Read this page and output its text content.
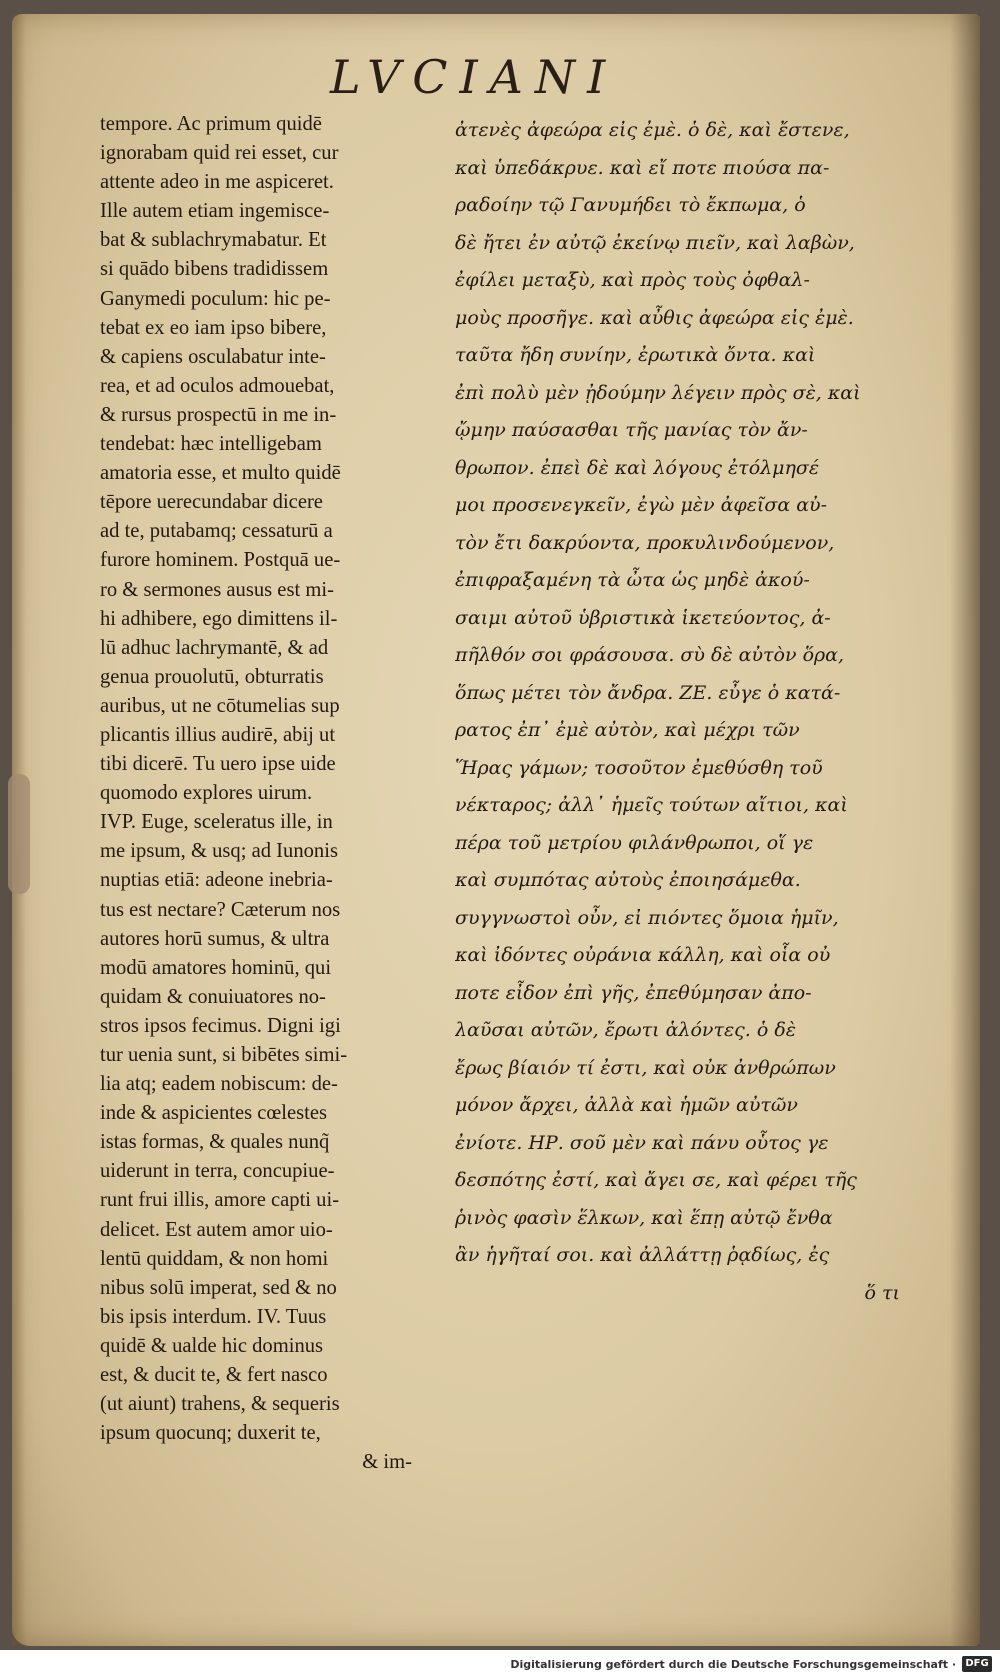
LVCIANI
tempore. Ac primum quidē
ignorabam quid rei esset, cur
attente adeo in me aspiceret.
Ille autem etiam ingemisce-
bat & sublachrymabatur. Et
si quādo bibens tradidissem
Ganymedi poculum: hic pe-
tebat ex eo iam ipso bibere,
& capiens osculabatur inte-
rea, et ad oculos admouebat,
& rursus prospectū in me in-
tendebat: hæc intelligebam
amatoria esse, et multo quidē
tēpore uerecundabar dicere
ad te, putabamq; cessaturū a
furore hominem. Postquā ue-
ro & sermones ausus est mi-
hi adhibere, ego dimittens il-
lū adhuc lachrymantē, & ad
genua prouolutū, obturratis
auribus, ut ne cōtumelias sup
plicantis illius audirē, abij ut
tibi dicerē. Tu uero ipse uide
quomodo explores uirum.
IVP. Euge, sceleratus ille, in
me ipsum, & usq; ad Iunonis
nuptias etiā: adeone inebria-
tus est nectare? Cæterum nos
autores horū sumus, & ultra
modū amatores hominū, qui
quidam & conuiuatores no-
stros ipsos fecimus. Digni igi
tur uenia sunt, si bibētes simi-
lia atq; eadem nobiscum: de-
inde & aspicientes cœlestes
istas formas, & quales nunq̃
uiderunt in terra, concupiue-
runt frui illis, amore capti ui-
delicet. Est autem amor uio-
lentū quiddam, & non homi
nibus solū imperat, sed & no
bis ipsis interdum. IV. Tuus
quidē & ualde hic dominus
est, & ducit te, & fert nasco
(ut aiunt) trahens, & sequeris
ipsum quocunq; duxerit te,
& im-
ἀτενὲς ἀφεώρα εἰς ἐμὲ. ὁ δὲ, καὶ ἔστενε,
καὶ ὑπεδάκρυε. καὶ εἴ ποτε πιούσα πα-
ραδοίην τῷ Γανυμήδει τὸ ἔκπωμα, ὁ
δὲ ἤτει ἐν αὐτῷ ἐκείνῳ πιεῖν, καὶ λαβὼν,
ἐφίλει μεταξὺ, καὶ πρὸς τοὺς ὀφθαλ-
μοὺς προσῆγε. καὶ αὖθις ἀφεώρα εἰς ἐμὲ.
ταῦτα ἤδη συνίην, ἐρωτικὰ ὄντα. καὶ
ἐπὶ πολὺ μὲν ᾐδούμην λέγειν πρὸς σὲ, καὶ
ᾤμην παύσασθαι τῆς μανίας τὸν ἄν-
θρωπον. ἐπεὶ δὲ καὶ λόγους ἐτόλμησέ
μοι προσενεγκεῖν, ἐγὼ μὲν ἀφεῖσα αὐ-
τὸν ἔτι δακρύοντα, προκυλινδούμενον,
ἐπιφραξαμένη τὰ ὦτα ὡς μηδὲ ἀκού-
σαιμι αὐτοῦ ὑβριστικὰ ἱκετεύοντος, ἀ-
πῆλθόν σοι φράσουσα. σὺ δὲ αὐτὸν ὅρα,
ὅπως μέτει τὸν ἄνδρα. ΖΕ. εὖγε ὁ κατά-
ρατος ἐπ᾽ ἐμὲ αὐτὸν, καὶ μέχρι τῶν
Ἥρας γάμων; τοσοῦτον ἐμεθύσθη τοῦ
νέκταρος; ἀλλ᾽ ἡμεῖς τούτων αἴτιοι, καὶ
πέρα τοῦ μετρίου φιλάνθρωποι, οἵ γε
καὶ συμπότας αὐτοὺς ἐποιησάμεθα.
συγγνωστοὶ οὖν, εἰ πιόντες ὅμοια ἡμῖν,
καὶ ἰδόντες οὐράνια κάλλη, καὶ οἷα οὐ
ποτε εἶδον ἐπὶ γῆς, ἐπεθύμησαν ἀπο-
λαῦσαι αὐτῶν, ἔρωτι ἁλόντες. ὁ δὲ
ἔρως βίαιόν τί ἐστι, καὶ οὐκ ἀνθρώπων
μόνον ἄρχει, ἀλλὰ καὶ ἡμῶν αὐτῶν
ἐνίοτε. ΗΡ. σοῦ μὲν καὶ πάνυ οὗτος γε
δεσπότης ἐστί, καὶ ἄγει σε, καὶ φέρει τῆς
ῥινὸς φασὶν ἕλκων, καὶ ἕπῃ αὐτῷ ἔνθα
ἂν ἡγῆταί σοι. καὶ ἀλλάττῃ ῥᾳδίως, ἐς
ὅ τι
Digitalisierung gefördert durch die Deutsche Forschungsgemeinschaft · DFG
